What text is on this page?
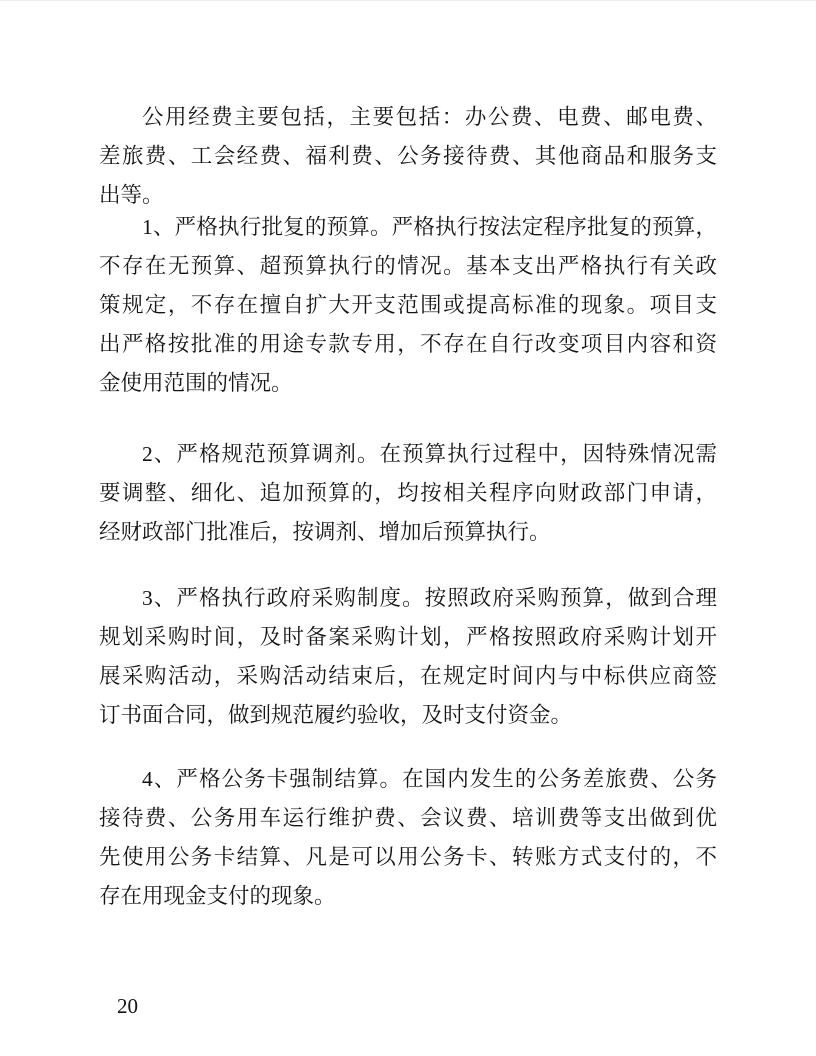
公用经费主要包括，主要包括：办公费、电费、邮电费、
差旅费、工会经费、福利费、公务接待费、其他商品和服务支
出等。
1、严格执行批复的预算。严格执行按法定程序批复的预算，
不存在无预算、超预算执行的情况。基本支出严格执行有关政
策规定，不存在擅自扩大开支范围或提高标准的现象。项目支
出严格按批准的用途专款专用，不存在自行改变项目内容和资
金使用范围的情况。
2、严格规范预算调剂。在预算执行过程中，因特殊情况需
要调整、细化、追加预算的，均按相关程序向财政部门申请，
经财政部门批准后，按调剂、增加后预算执行。
3、严格执行政府采购制度。按照政府采购预算，做到合理
规划采购时间，及时备案采购计划，严格按照政府采购计划开
展采购活动，采购活动结束后，在规定时间内与中标供应商签
订书面合同，做到规范履约验收，及时支付资金。
4、严格公务卡强制结算。在国内发生的公务差旅费、公务
接待费、公务用车运行维护费、会议费、培训费等支出做到优
先使用公务卡结算、凡是可以用公务卡、转账方式支付的，不
存在用现金支付的现象。
20
